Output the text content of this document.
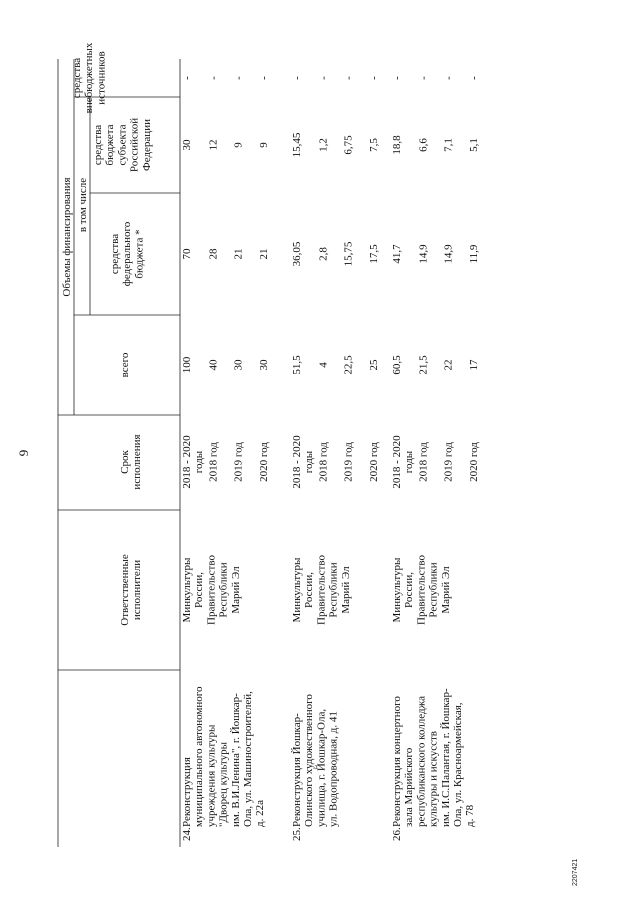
9
Ответственные исполнители
Срок исполнения
Объемы финансирования
всего
в том числе
средства федерального бюджета *
средства бюджета субъекта Российской Федерации
средства внебюджетных источников
24.
Реконструкция муниципального автономного учреждения культуры "Дворец культуры им. В.И.Ленина", г. Йошкар- Ола, ул. Машиностроителей, д. 22а
Минкультуры России, Правительство Республики Марий Эл
2018 - 2020 годы
100
70
30
-
2018 год
40
28
12
-
2019 год
30
21
9
-
2020 год
30
21
9
-
25.
Реконструкция Йошкар- Олинского художественного училища, г. Йошкар-Ола, ул. Водопроводная, д. 41
Минкультуры России, Правительство Республики Марий Эл
2018 - 2020 годы
51,5
36,05
15,45
-
2018 год
4
2,8
1,2
-
2019 год
22,5
15,75
6,75
-
2020 год
25
17,5
7,5
-
26.
Реконструкция концертного зала Марийского республиканского колледжа культуры и искусств им. И.С.Палантая, г. Йошкар- Ола, ул. Красноармейская, д. 78
Минкультуры России, Правительство Республики Марий Эл
2018 - 2020 годы
60,5
41,7
18,8
-
2018 год
21,5
14,9
6,6
-
2019 год
22
14,9
7,1
-
2020 год
17
11,9
5,1
-
2207421
